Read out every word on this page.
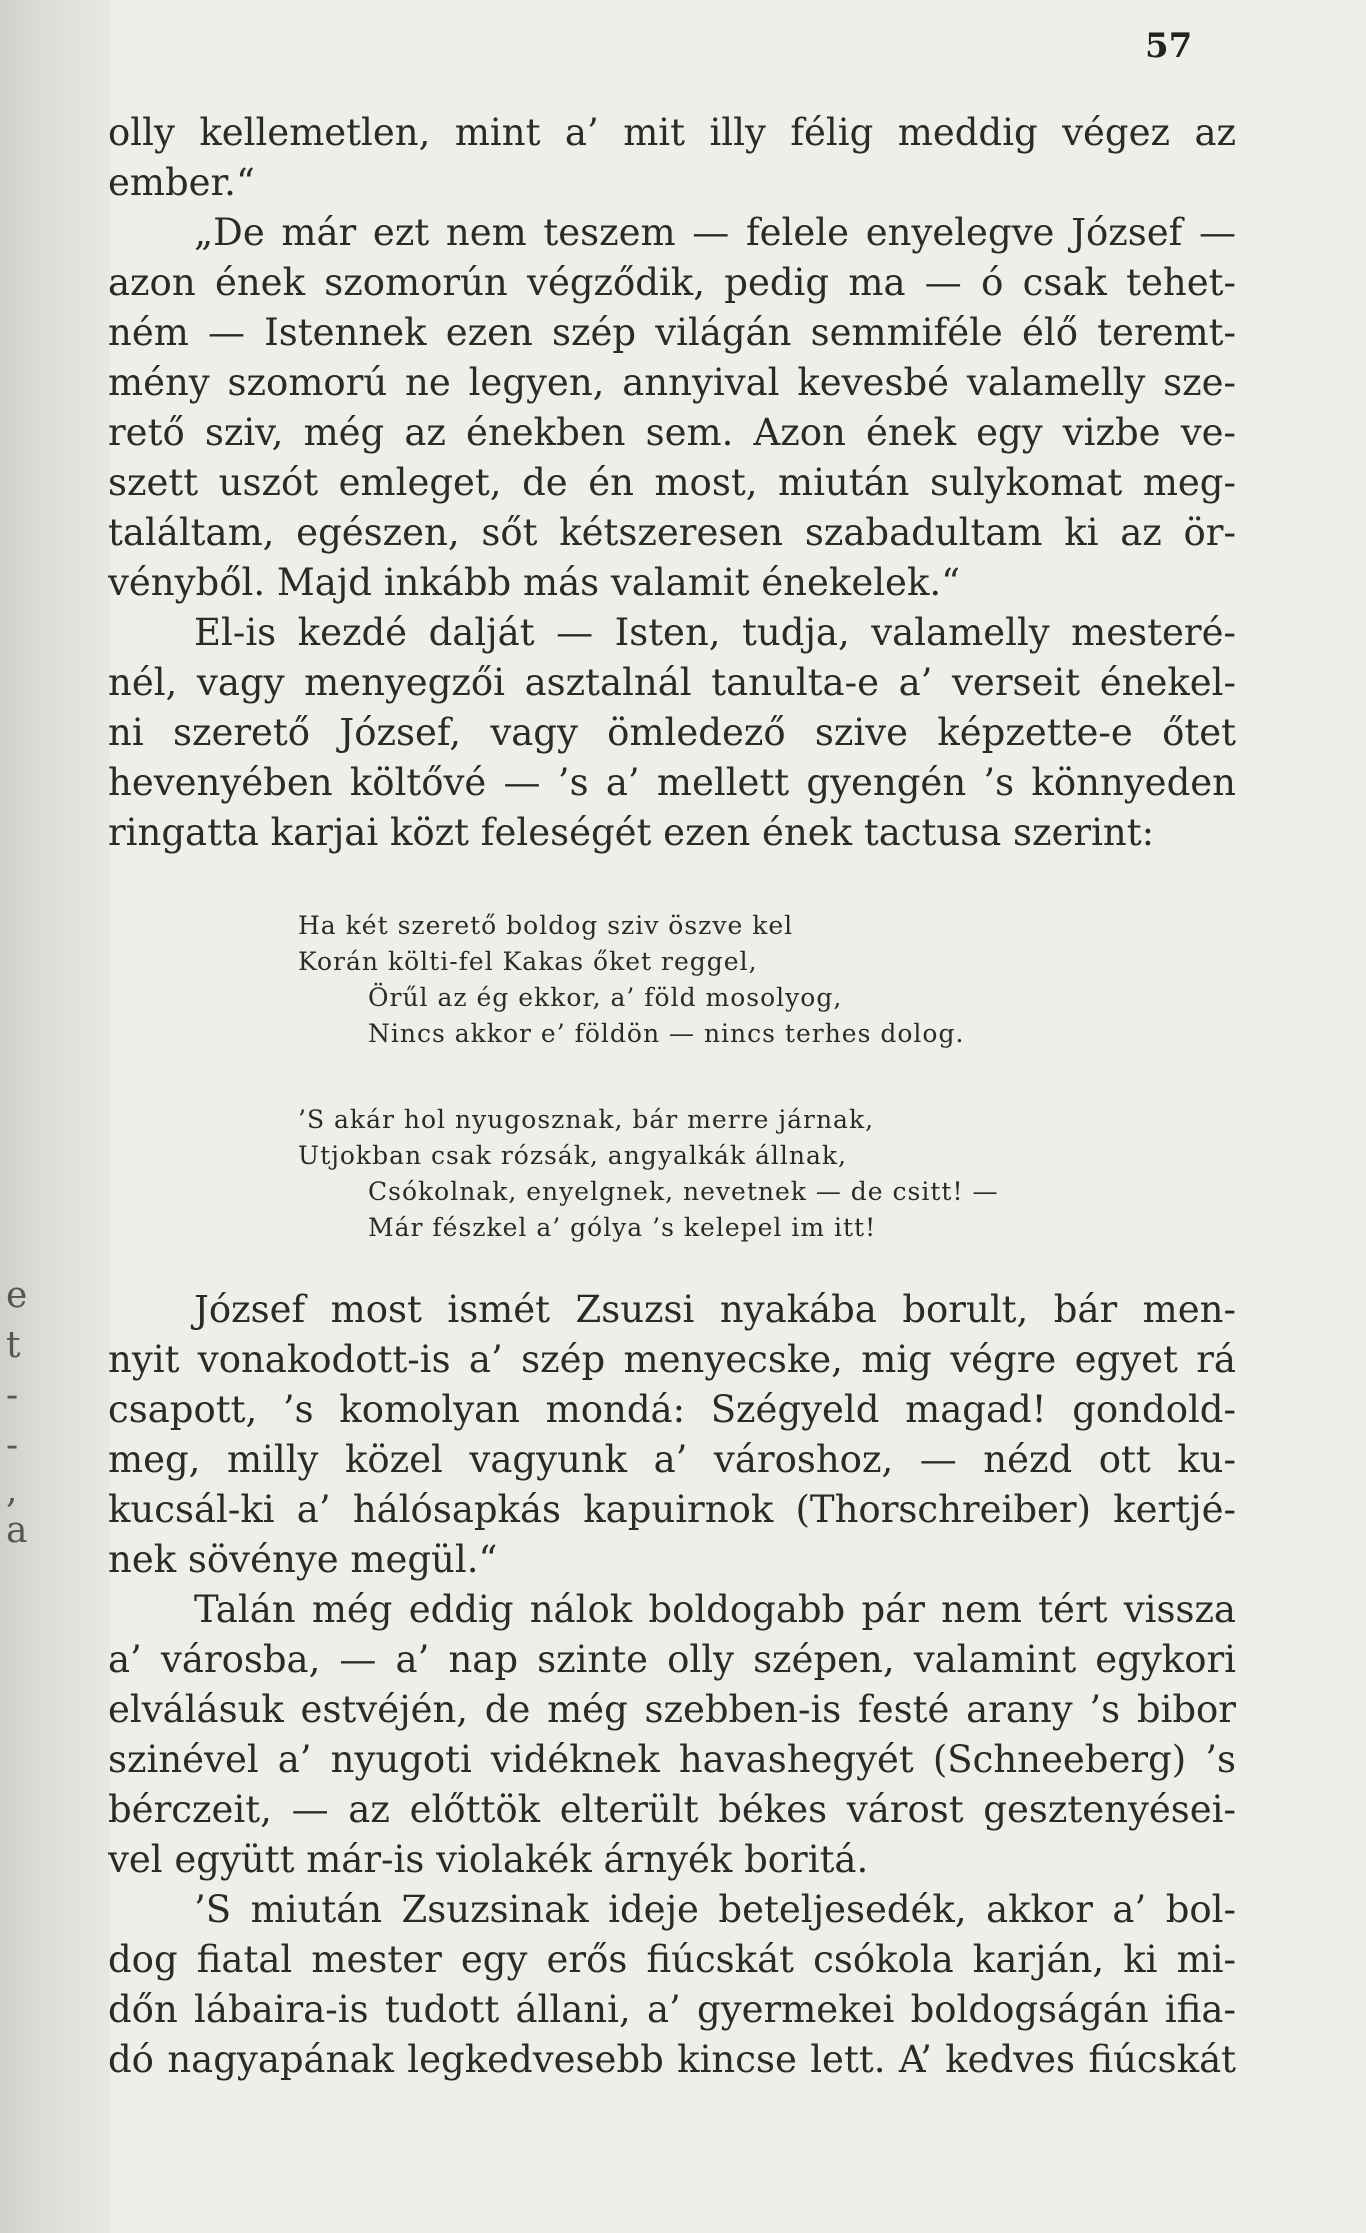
e
t
-
-
,
a
57
olly kellemetlen, mint a’ mit illy félig meddig végez az
ember.“
„De már ezt nem teszem — felele enyelegve József —
azon ének szomorún végződik, pedig ma — ó csak tehet-
ném — Istennek ezen szép világán semmiféle élő teremt-
mény szomorú ne legyen, annyival kevesbé valamelly sze-
rető sziv, még az énekben sem. Azon ének egy vizbe ve-
szett uszót emleget, de én most, miután sulykomat meg-
találtam, egészen, sőt kétszeresen szabadultam ki az ör-
vényből. Majd inkább más valamit énekelek.“
El-is kezdé dalját — Isten, tudja, valamelly mesteré-
nél, vagy menyegzői asztalnál tanulta-e a’ verseit énekel-
ni szerető József, vagy ömledező szive képzette-e őtet
hevenyében költővé — ’s a’ mellett gyengén ’s könnyeden
ringatta karjai közt feleségét ezen ének tactusa szerint:
Ha két szerető boldog sziv öszve kel
Korán költi-fel Kakas őket reggel,
Örűl az ég ekkor, a’ föld mosolyog,
Nincs akkor e’ földön — nincs terhes dolog.
’S akár hol nyugosznak, bár merre járnak,
Utjokban csak rózsák, angyalkák állnak,
Csókolnak, enyelgnek, nevetnek — de csitt! —
Már fészkel a’ gólya ’s kelepel im itt!
József most ismét Zsuzsi nyakába borult, bár men-
nyit vonakodott-is a’ szép menyecske, mig végre egyet rá
csapott, ’s komolyan mondá: Szégyeld magad! gondold-
meg, milly közel vagyunk a’ városhoz, — nézd ott ku-
kucsál-ki a’ hálósapkás kapuirnok (Thorschreiber) kertjé-
nek sövénye megül.“
Talán még eddig nálok boldogabb pár nem tért vissza
a’ városba, — a’ nap szinte olly szépen, valamint egykori
elválásuk estvéjén, de még szebben-is festé arany ’s bibor
szinével a’ nyugoti vidéknek havashegyét (Schneeberg) ’s
bérczeit, — az előttök elterült békes várost gesztenyései-
vel együtt már-is violakék árnyék boritá.
’S miután Zsuzsinak ideje beteljesedék, akkor a’ bol-
dog fiatal mester egy erős fiúcskát csókola karján, ki mi-
dőn lábaira-is tudott állani, a’ gyermekei boldogságán ifia-
dó nagyapának legkedvesebb kincse lett. A’ kedves fiúcskát
